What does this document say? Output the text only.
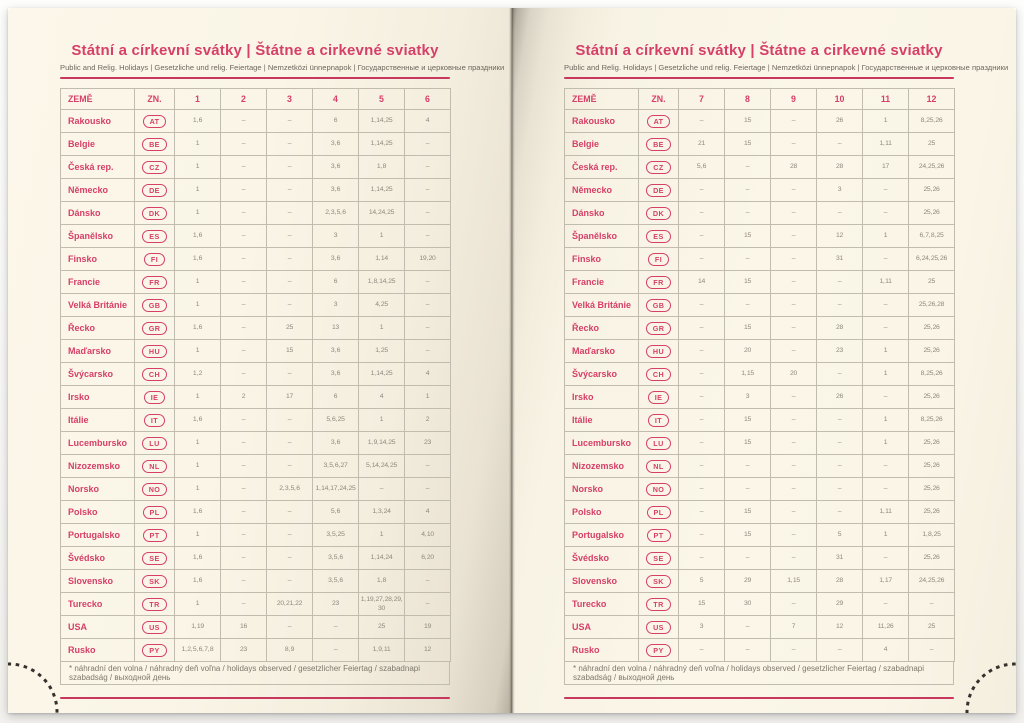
Státní a církevní svátky | Štátne a cirkevné sviatky
Public and Relig. Holidays | Gesetzliche und relig. Feiertage | Nemzetközi ünnepnapok | Государственные и церковные праздники
ZEMĚ	ZN.	1	2	3	4	5	6
Rakousko	AT	1, 6	–	–	6	1, 14, 25	4
Belgie	BE	1	–	–	3, 6	1, 14, 25	–
Česká rep.	CZ	1	–	–	3, 6	1, 8	–
Německo	DE	1	–	–	3, 6	1, 14, 25	–
Dánsko	DK	1	–	–	2, 3, 5, 6	14, 24, 25	–
Španělsko	ES	1, 6	–	–	3	1	–
Finsko	FI	1, 6	–	–	3, 6	1, 14	19, 20
Francie	FR	1	–	–	6	1, 8, 14, 25	–
Velká Británie	GB	1	–	–	3	4, 25	–
Řecko	GR	1, 6	–	25	13	1	–
Maďarsko	HU	1	–	15	3, 6	1, 25	–
Švýcarsko	CH	1, 2	–	–	3, 6	1, 14, 25	4
Irsko	IE	1	2	17	6	4	1
Itálie	IT	1, 6	–	–	5, 6, 25	1	2
Lucembursko	LU	1	–	–	3, 6	1, 9, 14, 25	23
Nizozemsko	NL	1	–	–	3, 5, 6, 27	5, 14, 24, 25	–
Norsko	NO	1	–	2, 3, 5, 6	1, 14, 17, 24, 25	–	–
Polsko	PL	1, 6	–	–	5, 6	1, 3, 24	4
Portugalsko	PT	1	–	–	3, 5, 25	1	4, 10
Švédsko	SE	1, 6	–	–	3, 5, 6	1, 14, 24	6, 20
Slovensko	SK	1, 6	–	–	3, 5, 6	1, 8	–
Turecko	TR	1	–	20, 21, 22	23	1, 19, 27, 28, 29, 30	–
USA	US	1, 19	16	–	–	25	19
Rusko	PY	1, 2, 5, 6, 7, 8	23	8, 9	–	1, 9, 11	12
* náhradní den volna / náhradný deň voľna / holidays observed / gesetzlicher Feiertag / szabadnapi szabadság / выходной день
Státní a církevní svátky | Štátne a cirkevné sviatky
Public and Relig. Holidays | Gesetzliche und relig. Feiertage | Nemzetközi ünnepnapok | Государственные и церковные праздники
ZEMĚ	ZN.	7	8	9	10	11	12
Rakousko	AT	–	15	–	26	1	8, 25, 26
Belgie	BE	21	15	–	–	1, 11	25
Česká rep.	CZ	5, 6	–	28	28	17	24, 25, 26
Německo	DE	–	–	–	3	–	25, 26
Dánsko	DK	–	–	–	–	–	25, 26
Španělsko	ES	–	15	–	12	1	6, 7, 8, 25
Finsko	FI	–	–	–	31	–	6, 24, 25, 26
Francie	FR	14	15	–	–	1, 11	25
Velká Británie	GB	–	–	–	–	–	25, 26, 28
Řecko	GR	–	15	–	28	–	25, 26
Maďarsko	HU	–	20	–	23	1	25, 26
Švýcarsko	CH	–	1, 15	20	–	1	8, 25, 26
Irsko	IE	–	3	–	26	–	25, 26
Itálie	IT	–	15	–	–	1	8, 25, 26
Lucembursko	LU	–	15	–	–	1	25, 26
Nizozemsko	NL	–	–	–	–	–	25, 26
Norsko	NO	–	–	–	–	–	25, 26
Polsko	PL	–	15	–	–	1, 11	25, 26
Portugalsko	PT	–	15	–	5	1	1, 8, 25
Švédsko	SE	–	–	–	31	–	25, 26
Slovensko	SK	5	29	1, 15	28	1, 17	24, 25, 26
Turecko	TR	15	30	–	29	–	–
USA	US	3	–	7	12	11, 26	25
Rusko	PY	–	–	–	–	4	–
* náhradní den volna / náhradný deň voľna / holidays observed / gesetzlicher Feiertag / szabadnapi szabadság / выходной день
